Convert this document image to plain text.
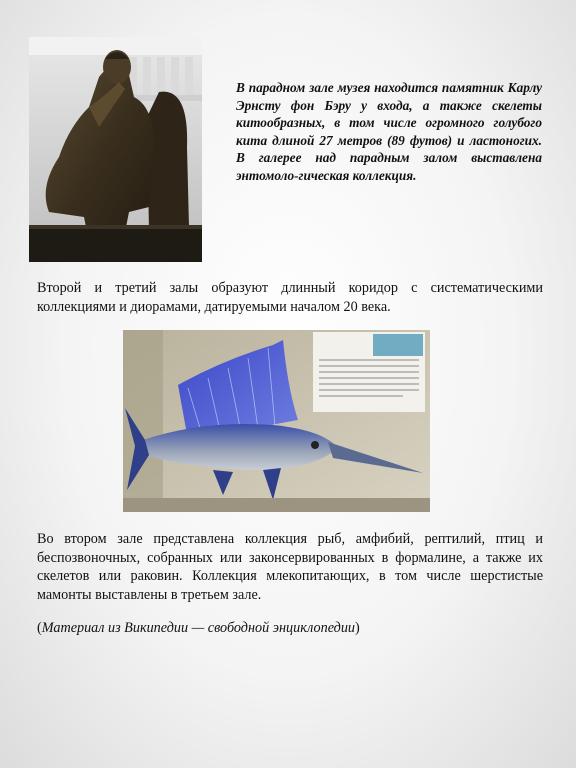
В парадном зале музея находится памятник Карлу Эрнсту фон Бэру у входа, а также скелеты китообразных, в том числе огромного голубого кита длиной 27 метров (89 футов) и ластоногих. В галерее над парадным залом выставлена энтомоло-гическая коллекция.
Второй и третий залы образуют длинный коридор с систематическими коллекциями и диорамами, датируемыми началом 20 века.
Во втором зале представлена коллекция рыб, амфибий, рептилий, птиц и беспозвоночных, собранных или законсервированных в формалине, а также их скелетов или раковин. Коллекция млекопитающих, в том числе шерстистые мамонты выставлены в третьем зале.
(Материал из Википедии — свободной энциклопедии)
